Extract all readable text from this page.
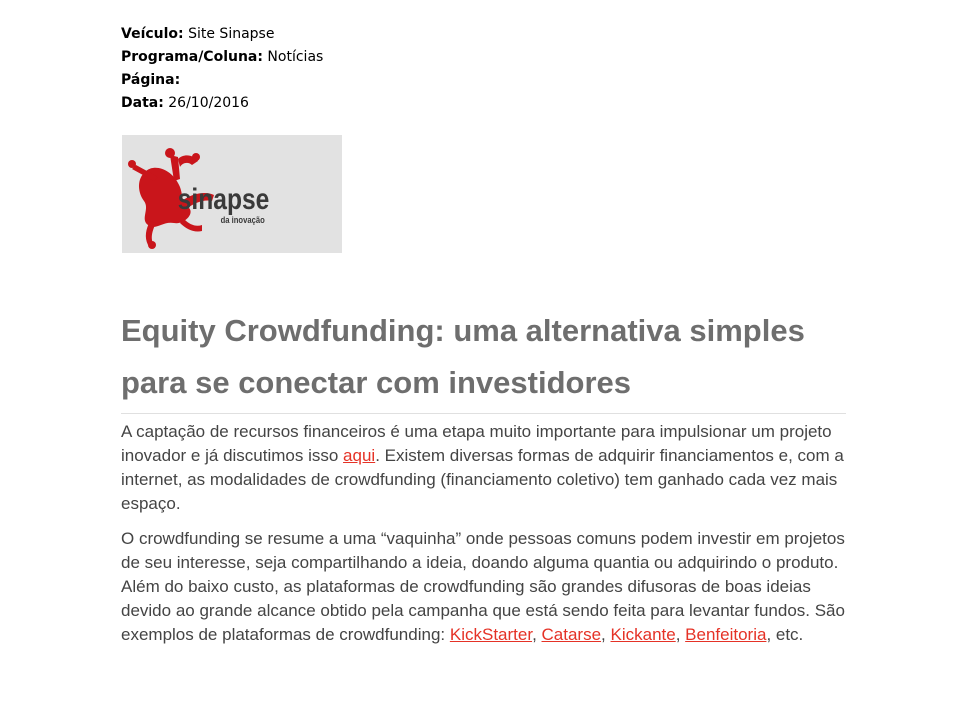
Veículo: Site Sinapse
Programa/Coluna: Notícias
Página:
Data: 26/10/2016
sinapse
da inovação
Equity Crowdfunding: uma alternativa simples para se conectar com investidores

A captação de recursos financeiros é uma etapa muito importante para impulsionar um projeto inovador e já discutimos isso aqui. Existem diversas formas de adquirir financiamentos e, com a internet, as modalidades de crowdfunding (financiamento coletivo) tem ganhado cada vez mais espaço.

O crowdfunding se resume a uma “vaquinha” onde pessoas comuns podem investir em projetos de seu interesse, seja compartilhando a ideia, doando alguma quantia ou adquirindo o produto. Além do baixo custo, as plataformas de crowdfunding são grandes difusoras de boas ideias devido ao grande alcance obtido pela campanha que está sendo feita para levantar fundos. São exemplos de plataformas de crowdfunding: KickStarter, Catarse, Kickante, Benfeitoria, etc.
